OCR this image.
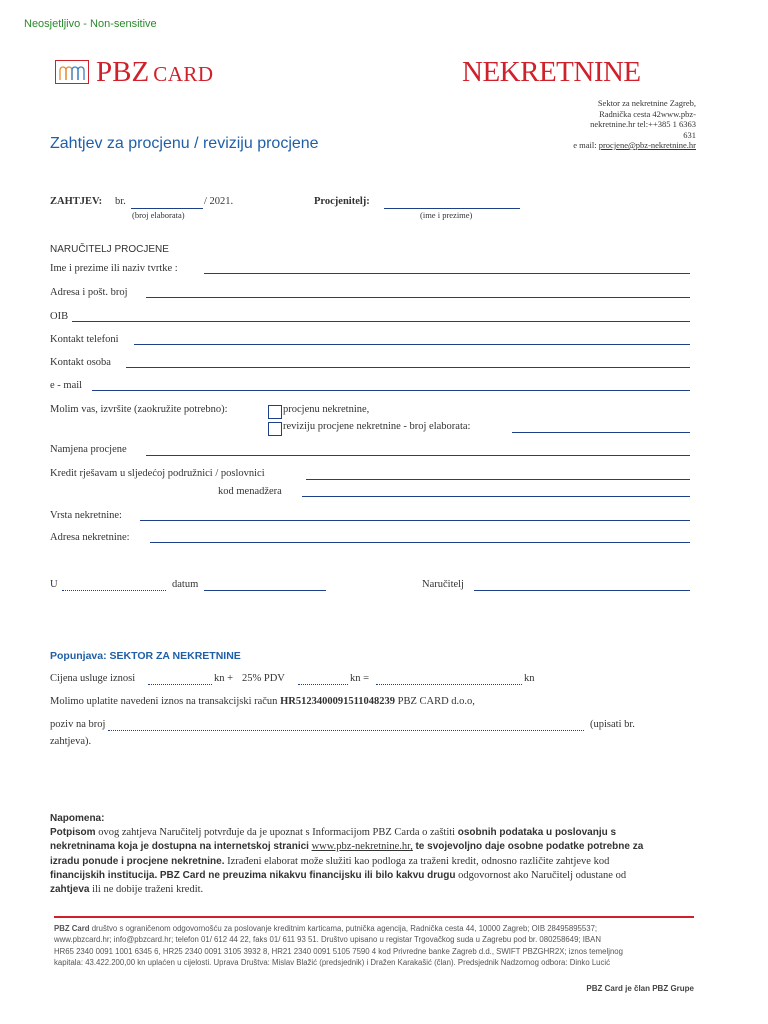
Neosjetljivo - Non-sensitive
PBZ CARD	NEKRETNINE
Sektor za nekretnine Zagreb,
Radnička cesta 42www.pbz-
nekretnine.hr tel:++385 1 6363
631
e mail: procjene@pbz-nekretnine.hr
Zahtjev za procjenu / reviziju procjene
ZAHTJEV: br.	/ 2021.
(broj elaborata)
Procjenitelj:
(ime i prezime)
NARUČITELJ PROCJENE
Ime i prezime ili naziv tvrtke :
Adresa i pošt. broj
OIB
Kontakt telefoni
Kontakt osoba
e - mail
Molim vas, izvršite (zaokružite potrebno):	procjenu nekretnine,
reviziju procjene nekretnine - broj elaborata:
Namjena procjene
Kredit rješavam u sljedećoj podružnici / poslovnici
kod menadžera
Vrsta nekretnine:
Adresa nekretnine:
U	datum	Naručitelj
Popunjava: SEKTOR ZA NEKRETNINE
Cijena usluge iznosi	kn + 25% PDV	kn =	kn
Molimo uplatite navedeni iznos na transakcijski račun HR5123400091511048239 PBZ CARD d.o.o,
poziv na broj	(upisati br.
zahtjeva).
Napomena:
Potpisom ovog zahtjeva Naručitelj potvrđuje da je upoznat s Informacijom PBZ Carda o zaštiti osobnih podataka u poslovanju s
nekretninama koja je dostupna na internetskoj stranici www.pbz-nekretnine.hr, te svojevoljno daje osobne podatke potrebne za
izradu ponude i procjene nekretnine. Izrađeni elaborat može služiti kao podloga za traženi kredit, odnosno različite zahtjeve kod
financijskih institucija. PBZ Card ne preuzima nikakvu financijsku ili bilo kakvu drugu odgovornost ako Naručitelj odustane od
zahtjeva ili ne dobije traženi kredit.
PBZ Card društvo s ograničenom odgovornošću za poslovanje kreditnim karticama, putnička agencija, Radnička cesta 44, 10000 Zagreb; OIB 28495895537;
www.pbzcard.hr; info@pbzcard.hr; telefon 01/ 612 44 22, faks 01/ 611 93 51. Društvo upisano u registar Trgovačkog suda u Zagrebu pod br. 080258649; IBAN
HR65 2340 0091 1001 6345 6, HR25 2340 0091 3105 3932 8, HR21 2340 0091 5105 7590 4 kod Privredne banke Zagreb d.d., SWIFT PBZGHR2X; iznos temeljnog
kapitala: 43.422.200,00 kn uplaćen u cijelosti. Uprava Društva: Mislav Blažić (predsjednik) i Dražen Karakašić (član). Predsjednik Nadzornog odbora: Dinko Lucić
PBZ Card je član PBZ Grupe
